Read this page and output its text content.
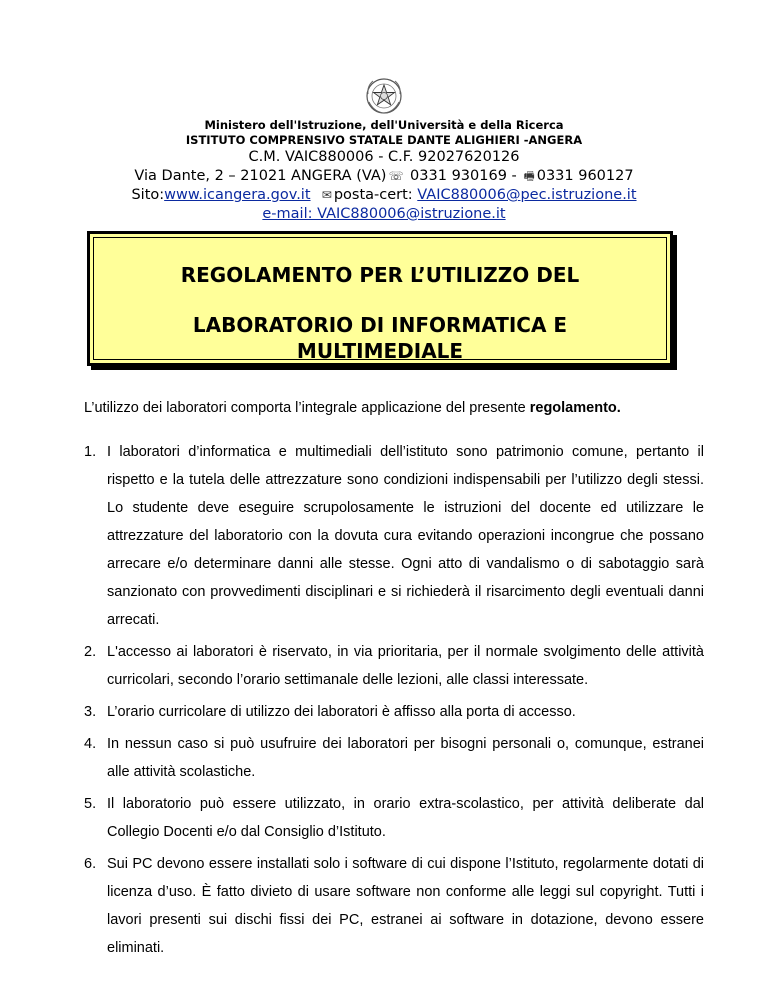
Ministero dell'Istruzione, dell'Università e della Ricerca
ISTITUTO COMPRENSIVO STATALE DANTE ALIGHIERI -ANGERA
C.M. VAIC880006 - C.F. 92027620126
Via Dante, 2 – 21021 ANGERA (VA) ☏ 0331 930169 - 🖷 0331 960127
Sito:www.icangera.gov.it ✉ posta-cert: VAIC880006@pec.istruzione.it
e-mail: VAIC880006@istruzione.it
REGOLAMENTO PER L’UTILIZZO DEL
LABORATORIO DI INFORMATICA E
MULTIMEDIALE
L’utilizzo dei laboratori comporta l’integrale applicazione del presente regolamento.
1. I laboratori d’informatica e multimediali dell’istituto sono patrimonio comune, pertanto il rispetto e la tutela delle attrezzature sono condizioni indispensabili per l’utilizzo degli stessi. Lo studente deve eseguire scrupolosamente le istruzioni del docente ed utilizzare le attrezzature del laboratorio con la dovuta cura evitando operazioni incongrue che possano arrecare e/o determinare danni alle stesse. Ogni atto di vandalismo o di sabotaggio sarà sanzionato con provvedimenti disciplinari e si richiederà il risarcimento degli eventuali danni arrecati.
2. L'accesso ai laboratori è riservato, in via prioritaria, per il normale svolgimento delle attività curricolari, secondo l’orario settimanale delle lezioni, alle classi interessate.
3. L’orario curricolare di utilizzo dei laboratori è affisso alla porta di accesso.
4. In nessun caso si può usufruire dei laboratori per bisogni personali o, comunque, estranei alle attività scolastiche.
5. Il laboratorio può essere utilizzato, in orario extra-scolastico, per attività deliberate dal Collegio Docenti e/o dal Consiglio d’Istituto.
6. Sui PC devono essere installati solo i software di cui dispone l’Istituto, regolarmente dotati di licenza d’uso. È fatto divieto di usare software non conforme alle leggi sul copyright. Tutti i lavori presenti sui dischi fissi dei PC, estranei ai software in dotazione, devono essere eliminati.
